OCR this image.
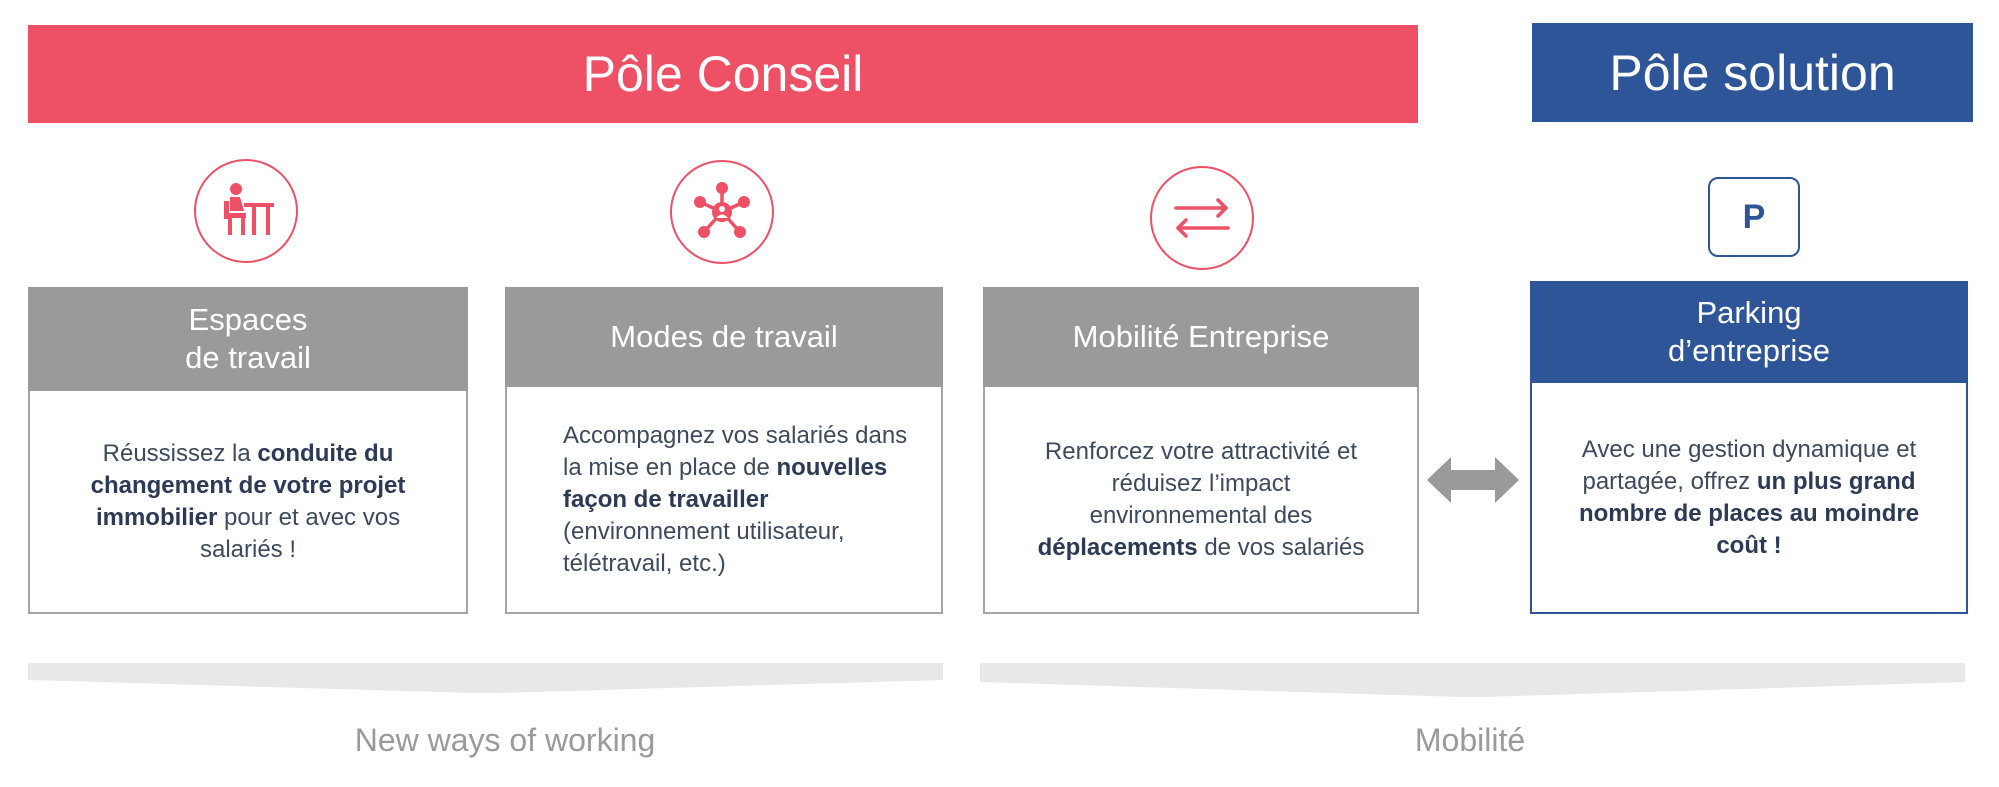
Pôle Conseil	Pôle solution
P
Espaces
de travail
Réussissez la conduite du changement de votre projet immobilier pour et avec vos salariés !
Modes de travail
Accompagnez vos salariés dans la mise en place de nouvelles façon de travailler (environnement utilisateur, télétravail, etc.)
Mobilité Entreprise
Renforcez votre attractivité et réduisez l’impact environnemental des déplacements de vos salariés
Parking
d’entreprise
Avec une gestion dynamique et partagée, offrez un plus grand nombre de places au moindre coût !
New ways of working	Mobilité
